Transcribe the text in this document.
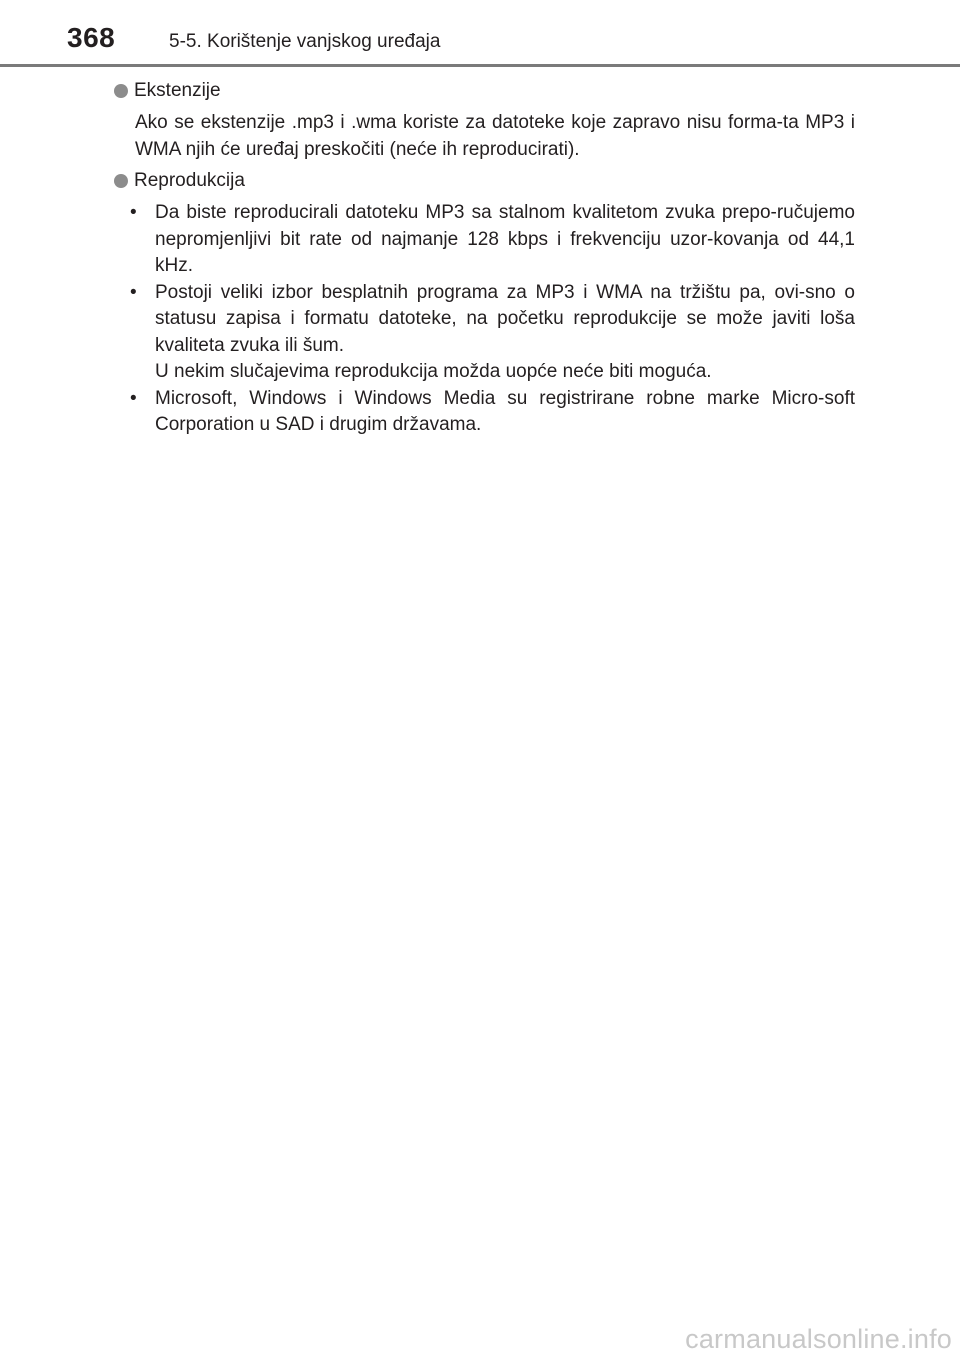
368	5-5. Korištenje vanjskog uređaja
Ekstenzije
Ako se ekstenzije .mp3 i .wma koriste za datoteke koje zapravo nisu forma-ta MP3 i WMA njih će uređaj preskočiti (neće ih reproducirati).
Reprodukcija
• Da biste reproducirali datoteku MP3 sa stalnom kvalitetom zvuka prepo-ručujemo nepromjenljivi bit rate od najmanje 128 kbps i frekvenciju uzor-kovanja od 44,1 kHz.
• Postoji veliki izbor besplatnih programa za MP3 i WMA na tržištu pa, ovi-sno o statusu zapisa i formatu datoteke, na početku reprodukcije se može javiti loša kvaliteta zvuka ili šum.
U nekim slučajevima reprodukcija možda uopće neće biti moguća.
• Microsoft, Windows i Windows Media su registrirane robne marke Micro-soft Corporation u SAD i drugim državama.
carmanualsonline.info
